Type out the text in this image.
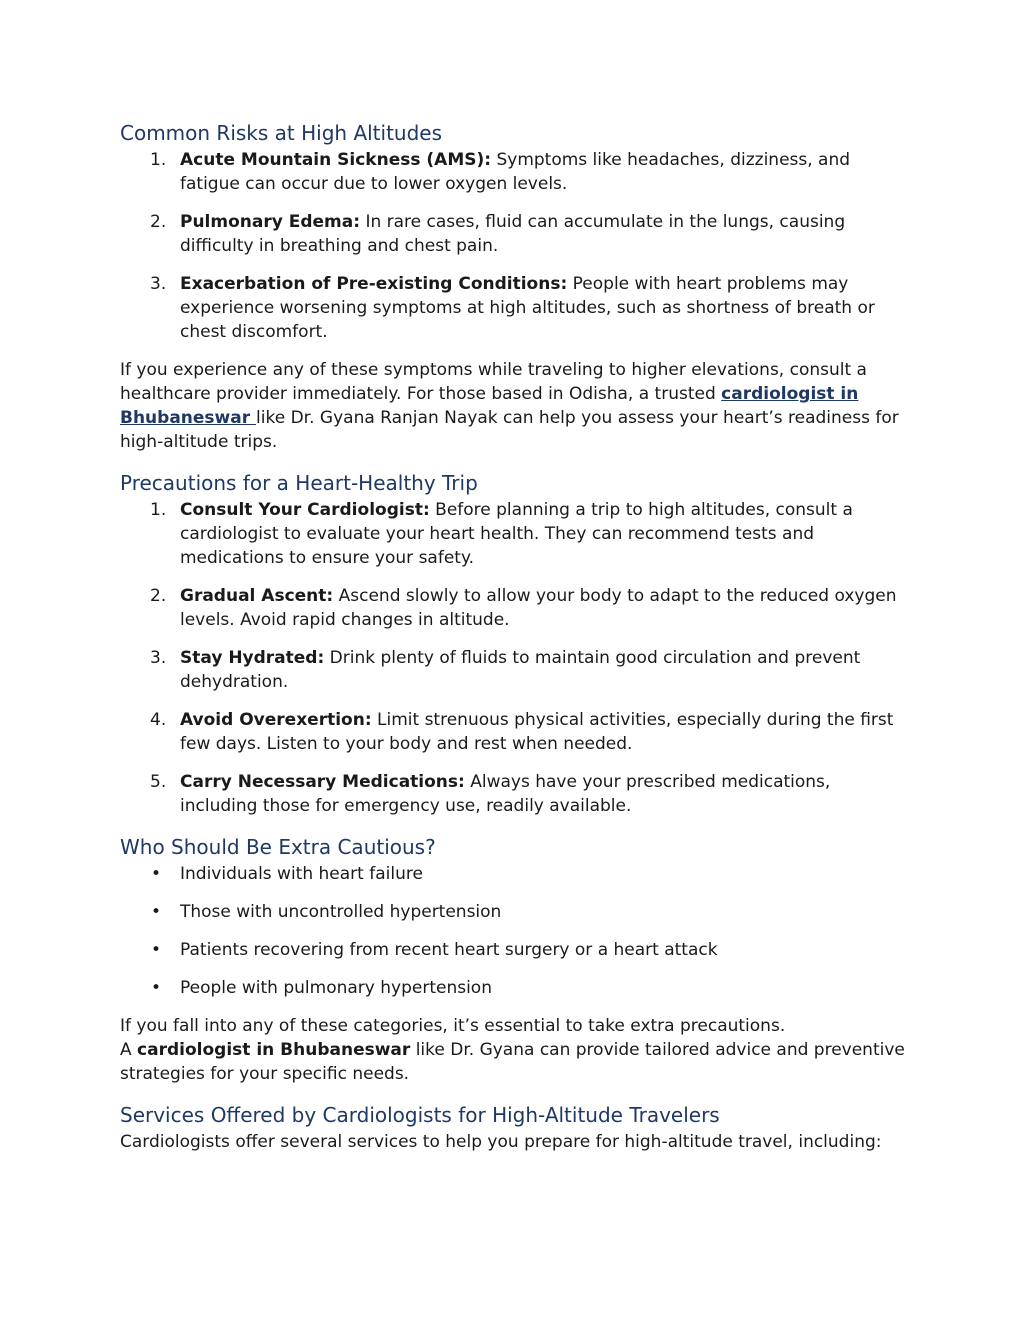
Common Risks at High Altitudes
1. Acute Mountain Sickness (AMS): Symptoms like headaches, dizziness, and fatigue can occur due to lower oxygen levels.
2. Pulmonary Edema: In rare cases, fluid can accumulate in the lungs, causing difficulty in breathing and chest pain.
3. Exacerbation of Pre-existing Conditions: People with heart problems may experience worsening symptoms at high altitudes, such as shortness of breath or chest discomfort.

If you experience any of these symptoms while traveling to higher elevations, consult a healthcare provider immediately. For those based in Odisha, a trusted cardiologist in Bhubaneswar like Dr. Gyana Ranjan Nayak can help you assess your heart’s readiness for high-altitude trips.

Precautions for a Heart-Healthy Trip
1. Consult Your Cardiologist: Before planning a trip to high altitudes, consult a cardiologist to evaluate your heart health. They can recommend tests and medications to ensure your safety.
2. Gradual Ascent: Ascend slowly to allow your body to adapt to the reduced oxygen levels. Avoid rapid changes in altitude.
3. Stay Hydrated: Drink plenty of fluids to maintain good circulation and prevent dehydration.
4. Avoid Overexertion: Limit strenuous physical activities, especially during the first few days. Listen to your body and rest when needed.
5. Carry Necessary Medications: Always have your prescribed medications, including those for emergency use, readily available.
Who Should Be Extra Cautious?
• Individuals with heart failure
• Those with uncontrolled hypertension
• Patients recovering from recent heart surgery or a heart attack
• People with pulmonary hypertension

If you fall into any of these categories, it’s essential to take extra precautions.
A cardiologist in Bhubaneswar like Dr. Gyana can provide tailored advice and preventive strategies for your specific needs.

Services Offered by Cardiologists for High-Altitude Travelers

Cardiologists offer several services to help you prepare for high-altitude travel, including:
